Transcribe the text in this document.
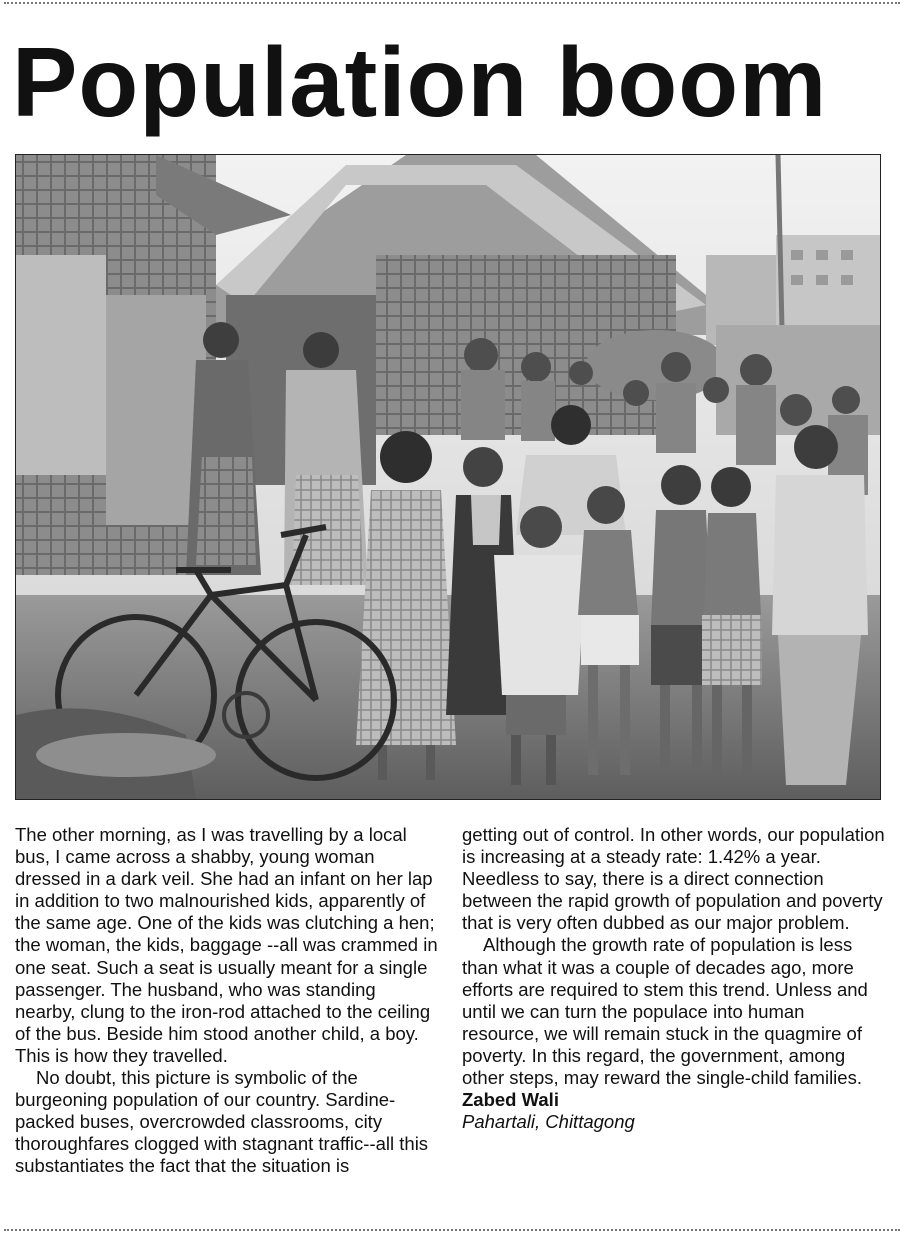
Population boom

The other morning, as I was travelling by a local bus, I came across a shabby, young woman dressed in a dark veil. She had an infant on her lap in addition to two malnourished kids, apparently of the same age. One of the kids was clutching a hen; the woman, the kids, baggage --all was crammed in one seat. Such a seat is usually meant for a single passenger. The husband, who was standing nearby, clung to the iron-rod attached to the ceiling of the bus. Beside him stood another child, a boy. This is how they travelled.

No doubt, this picture is symbolic of the burgeoning population of our country. Sardine-packed buses, overcrowded classrooms, city thoroughfares clogged with stagnant traffic--all this substantiates the fact that the situation is

getting out of control. In other words, our population is increasing at a steady rate: 1.42% a year. Needless to say, there is a direct connection between the rapid growth of population and poverty that is very often dubbed as our major problem.

Although the growth rate of population is less than what it was a couple of decades ago, more efforts are required to stem this trend. Unless and until we can turn the populace into human resource, we will remain stuck in the quagmire of poverty. In this regard, the government, among other steps, may reward the single-child families.

Zabed Wali

Pahartali, Chittagong
